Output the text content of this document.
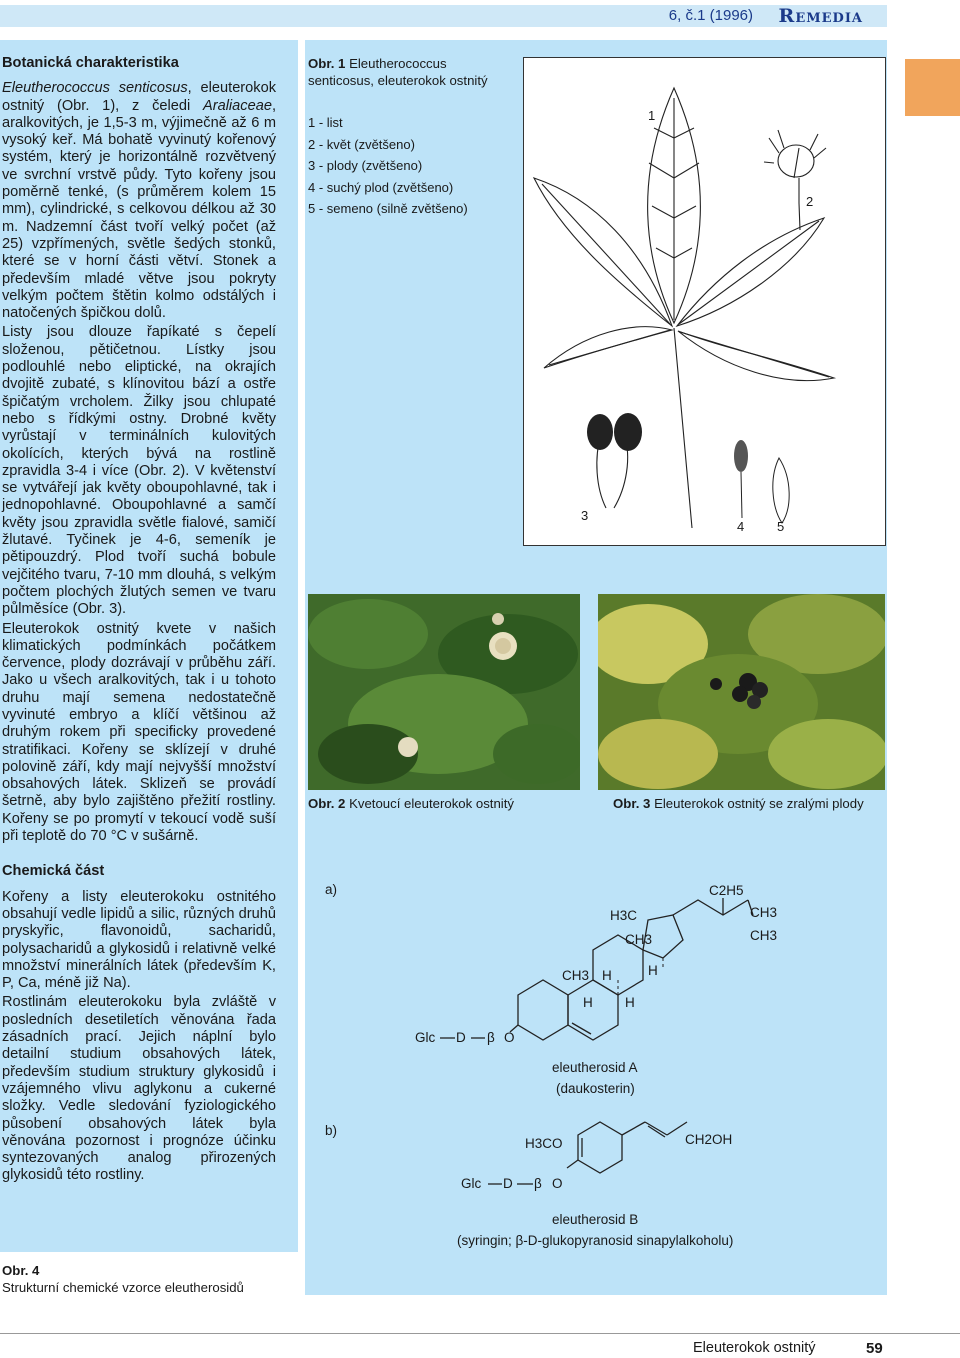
6, č.1 (1996) Remedia
Botanická charakteristika

Eleutherococcus senticosus, eleuterokok ostnitý (Obr. 1), z čeledi Araliaceae, aralkovitých, je 1,5-3 m, výjimečně až 6 m vysoký keř. Má bohatě vyvinutý kořenový systém, který je horizontálně rozvětvený ve svrchní vrstvě půdy. Tyto kořeny jsou poměrně tenké, (s průměrem kolem 15 mm), cylindrické, s celkovou délkou až 30 m. Nadzemní část tvoří velký počet (až 25) vzpřímených, světle šedých stonků, které se v horní části větví. Stonek a především mladé větve jsou pokryty velkým počtem štětin kolmo odstálých i natočených špičkou dolů.

Listy jsou dlouze řapíkaté s čepelí složenou, pětičetnou. Lístky jsou podlouhlé nebo eliptické, na okrajích dvojitě zubaté, s klínovitou bází a ostře špičatým vrcholem. Žilky jsou chlupaté nebo s řídkými ostny. Drobné květy vyrůstají v terminálních kulovitých okolících, kterých bývá na rostlině zpravidla 3-4 i více (Obr. 2). V květenství se vytvářejí jak květy oboupohlavné, tak i jednopohlavné. Oboupohlavné a samčí květy jsou zpravidla světle fialové, samičí žlutavé. Tyčinek je 4-6, semeník je pětipouzdrý. Plod tvoří suchá bobule vejčitého tvaru, 7-10 mm dlouhá, s velkým počtem plochých žlutých semen ve tvaru půlměsíce (Obr. 3).

Eleuterokok ostnitý kvete v našich klimatických podmínkách počátkem července, plody dozrávají v průběhu září. Jako u všech aralkovitých, tak i u tohoto druhu mají semena nedostatečně vyvinuté embryo a klíčí většinou až druhým rokem při specificky provedené stratifikaci. Kořeny se sklízejí v druhé polovině září, kdy mají nejvyšší množství obsahových látek. Sklizeň se provádí šetrně, aby bylo zajištěno přežití rostliny. Kořeny se po promytí v tekoucí vodě suší při teplotě do 70 °C v sušárně.

Chemická část

Kořeny a listy eleuterokoku ostnitého obsahují vedle lipidů a silic, různých druhů pryskyřic, flavonoidů, sacharidů, polysacharidů a glykosidů i relativně velké množství minerálních látek (především K, P, Ca, méně již Na).

Rostlinám eleuterokoku byla zvláště v posledních desetiletích věnována řada zásadních prací. Jejich náplní bylo detailní studium obsahových látek, především studium struktury glykosidů i vzájemného vlivu aglykonu a cukerné složky. Vedle sledování fyziologického působení obsahových látek byla věnována pozornost i prognóze účinku syntezovaných analog přirozených glykosidů této rostliny.

Obr. 1 Eleutherococcus senticosus, eleuterokok ostnitý
1 - list
2 - květ (zvětšeno)
3 - plody (zvětšeno)
4 - suchý plod (zvětšeno)
5 - semeno (silně zvětšeno)
1
2
3
4	5
Obr. 2 Kvetoucí eleuterokok ostnitý	Obr. 3 Eleuterokok ostnitý se zralými plody
a)
b)
C2H5
CH3
CH3
H3C
CH3
CH3 H	H
H H
Glc D β O
eleutherosid A
(daukosterin)
H3CO	CH2OH
Glc D β O
eleutherosid B
(syringin; β-D-glukopyranosid sinapylalkoholu)
Obr. 4
Strukturní chemické vzorce eleutherosidů
Eleuterokok ostnitý	59
